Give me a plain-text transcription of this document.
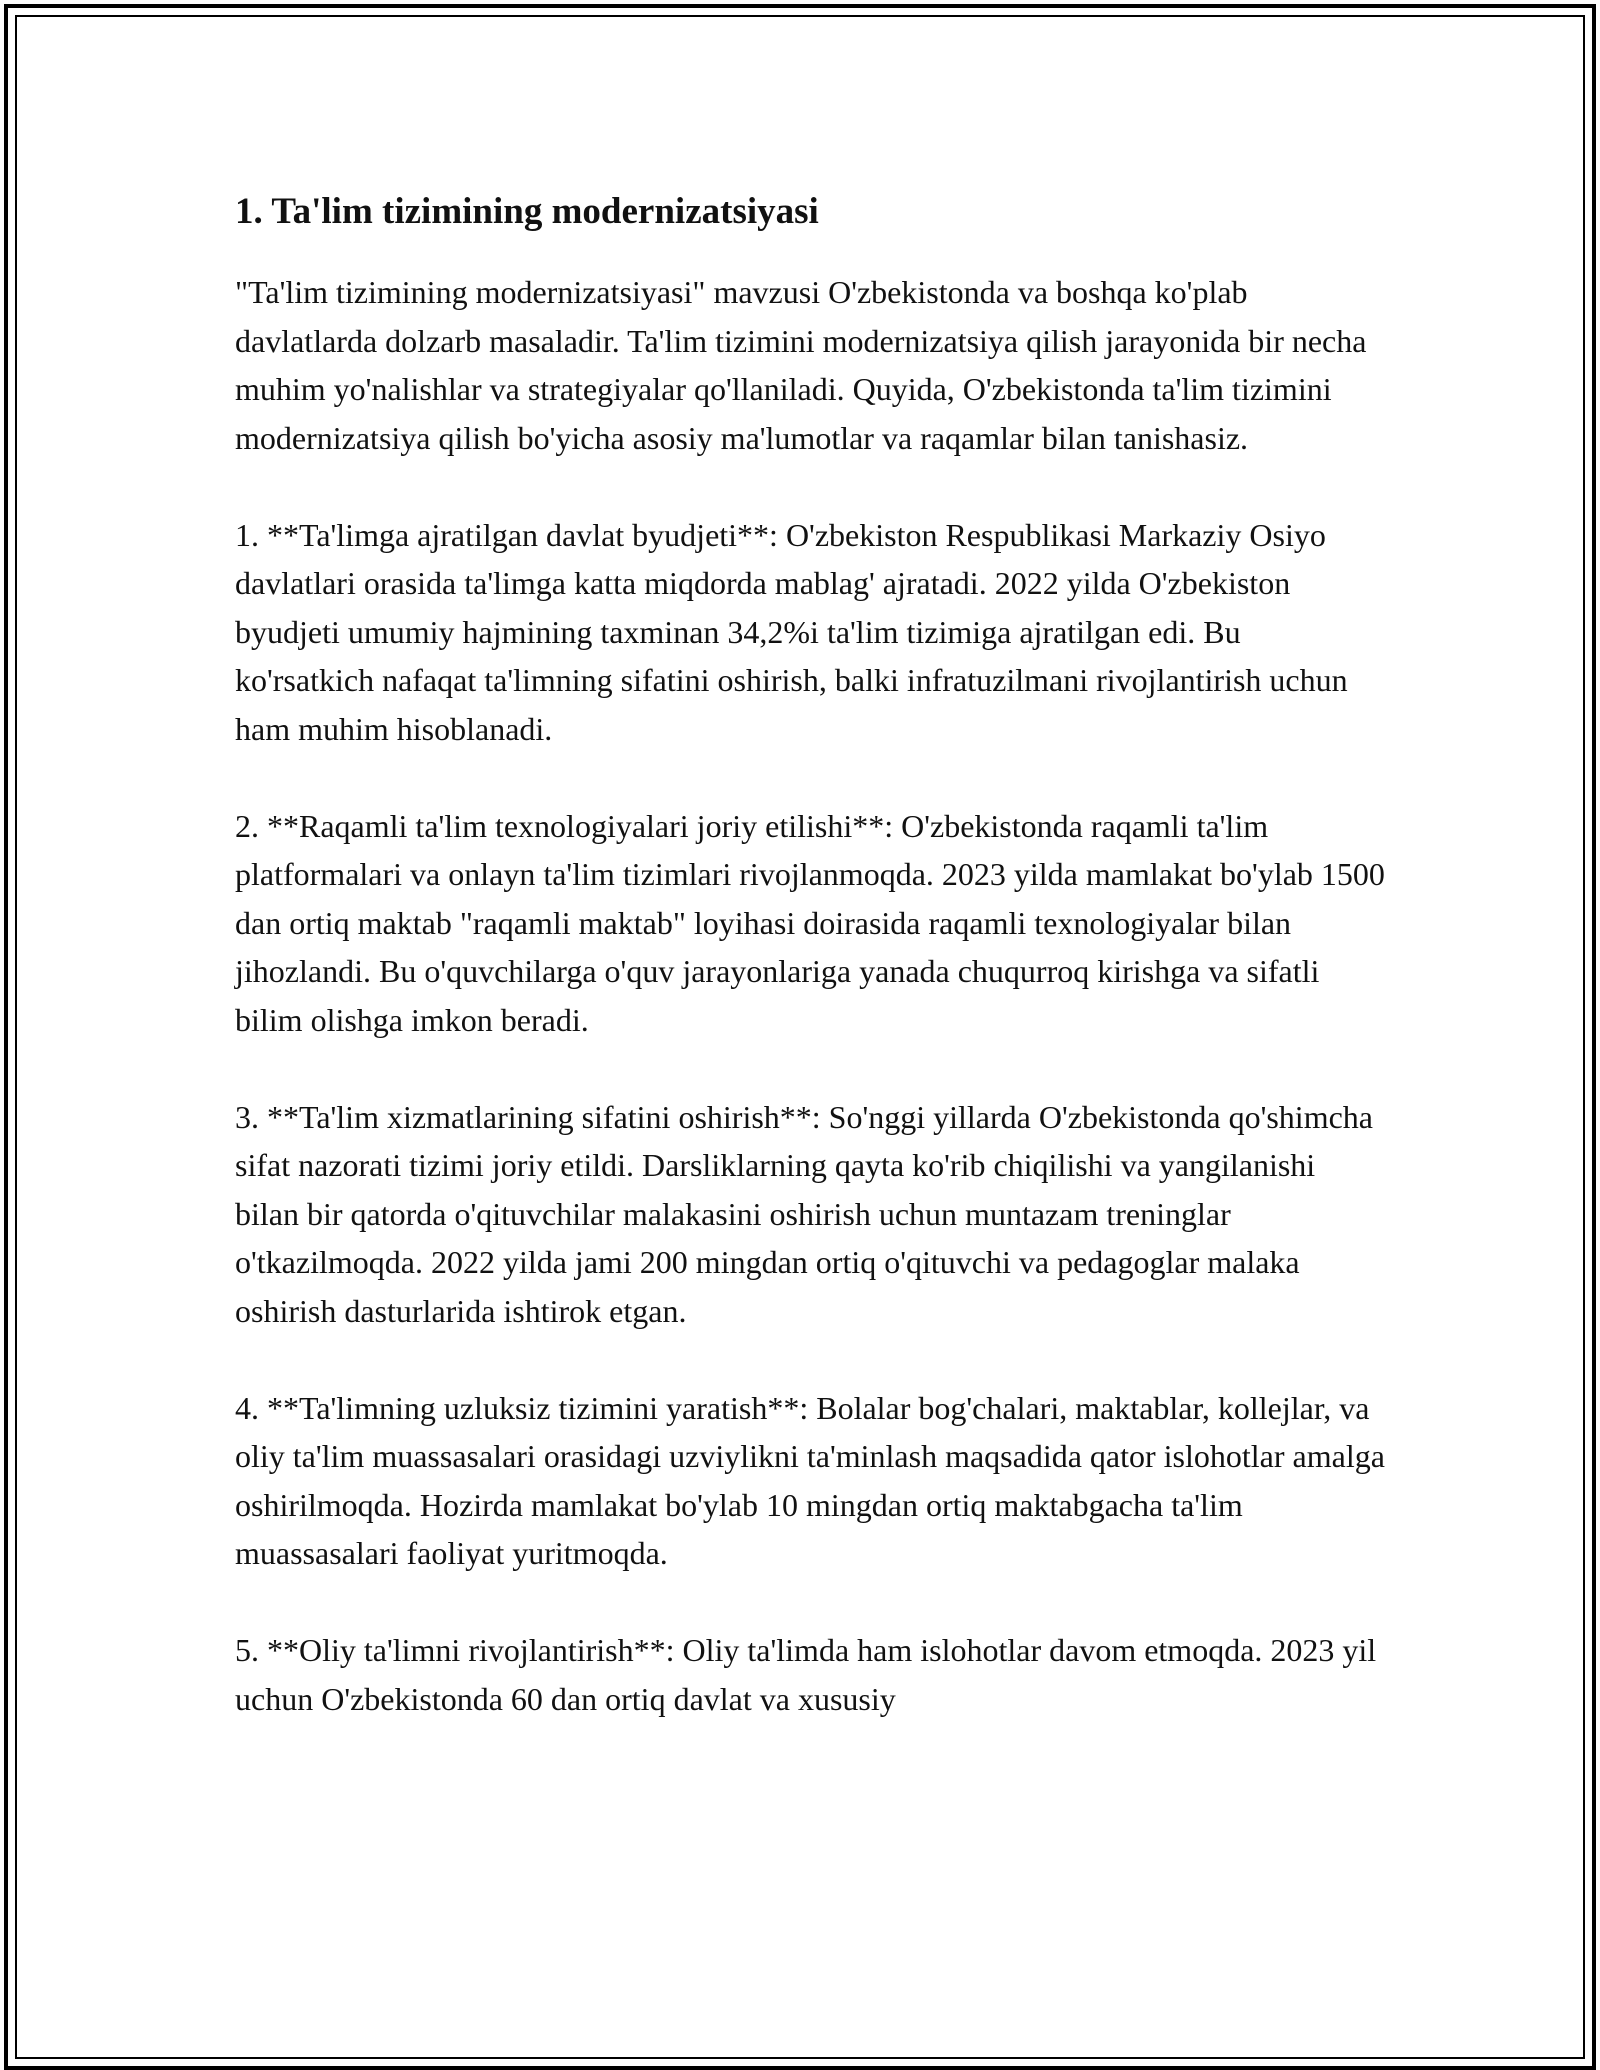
1. Ta'lim tizimining modernizatsiyasi

"Ta'lim tizimining modernizatsiyasi" mavzusi O'zbekistonda va boshqa ko'plab davlatlarda dolzarb masaladir. Ta'lim tizimini modernizatsiya qilish jarayonida bir necha muhim yo'nalishlar va strategiyalar qo'llaniladi. Quyida, O'zbekistonda ta'lim tizimini modernizatsiya qilish bo'yicha asosiy ma'lumotlar va raqamlar bilan tanishasiz.

1. **Ta'limga ajratilgan davlat byudjeti**: O'zbekiston Respublikasi Markaziy Osiyo davlatlari orasida ta'limga katta miqdorda mablag' ajratadi. 2022 yilda O'zbekiston byudjeti umumiy hajmining taxminan 34,2%i ta'lim tizimiga ajratilgan edi. Bu ko'rsatkich nafaqat ta'limning sifatini oshirish, balki infratuzilmani rivojlantirish uchun ham muhim hisoblanadi.

2. **Raqamli ta'lim texnologiyalari joriy etilishi**: O'zbekistonda raqamli ta'lim platformalari va onlayn ta'lim tizimlari rivojlanmoqda. 2023 yilda mamlakat bo'ylab 1500 dan ortiq maktab "raqamli maktab" loyihasi doirasida raqamli texnologiyalar bilan jihozlandi. Bu o'quvchilarga o'quv jarayonlariga yanada chuqurroq kirishga va sifatli bilim olishga imkon beradi.

3. **Ta'lim xizmatlarining sifatini oshirish**: So'nggi yillarda O'zbekistonda qo'shimcha sifat nazorati tizimi joriy etildi. Darsliklarning qayta ko'rib chiqilishi va yangilanishi bilan bir qatorda o'qituvchilar malakasini oshirish uchun muntazam treninglar o'tkazilmoqda. 2022 yilda jami 200 mingdan ortiq o'qituvchi va pedagoglar malaka oshirish dasturlarida ishtirok etgan.

4. **Ta'limning uzluksiz tizimini yaratish**: Bolalar bog'chalari, maktablar, kollejlar, va oliy ta'lim muassasalari orasidagi uzviylikni ta'minlash maqsadida qator islohotlar amalga oshirilmoqda. Hozirda mamlakat bo'ylab 10 mingdan ortiq maktabgacha ta'lim muassasalari faoliyat yuritmoqda.

5. **Oliy ta'limni rivojlantirish**: Oliy ta'limda ham islohotlar davom etmoqda. 2023 yil uchun O'zbekistonda 60 dan ortiq davlat va xususiy
